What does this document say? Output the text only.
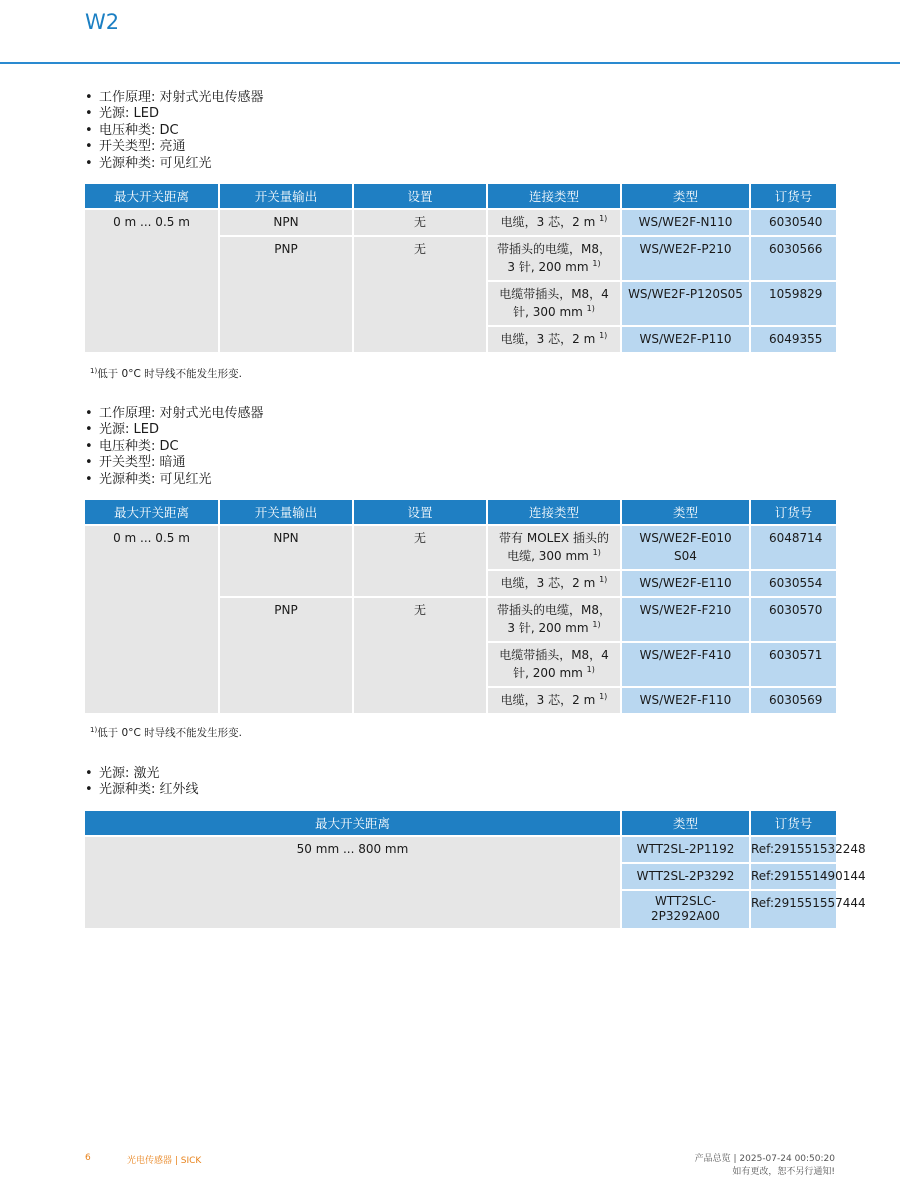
W2
• 工作原理: 对射式光电传感器
• 光源: LED
• 电压种类: DC
• 开关类型: 亮通
• 光源种类: 可见红光
最大开关距离	开关量输出	设置	连接类型	类型	订货号
0 m ... 0.5 m	NPN	无	电缆，3 芯，2 m $^{1)}$	WS/WE2F-N110	6030540
	PNP	无	带插头的电缆，M8，3 针, 200 mm $^{1)}$	WS/WE2F-P210	6030566
			电缆带插头，M8，4 针, 300 mm $^{1)}$	WS/WE2F-P120S05	1059829
			电缆，3 芯，2 m $^{1)}$	WS/WE2F-P110	6049355
$^{1)}$低于 0°C 时导线不能发生形变.
• 工作原理: 对射式光电传感器
• 光源: LED
• 电压种类: DC
• 开关类型: 暗通
• 光源种类: 可见红光
最大开关距离	开关量输出	设置	连接类型	类型	订货号
0 m ... 0.5 m	NPN	无	带有 MOLEX 插头的电缆, 300 mm $^{1)}$	WS/WE2F-E010 S04	6048714
			电缆，3 芯，2 m $^{1)}$	WS/WE2F-E110	6030554
	PNP	无	带插头的电缆，M8，3 针, 200 mm $^{1)}$	WS/WE2F-F210	6030570
			电缆带插头，M8，4 针, 200 mm $^{1)}$	WS/WE2F-F410	6030571
			电缆，3 芯，2 m $^{1)}$	WS/WE2F-F110	6030569
$^{1)}$低于 0°C 时导线不能发生形变.
• 光源: 激光
• 光源种类: 红外线
最大开关距离	类型	订货号
50 mm ... 800 mm	WTT2SL-2P1192	Ref:291551532248
	WTT2SL-2P3292	Ref:291551490144
	WTT2SLC-2P3292A00	Ref:291551557444
6	光电传感器 | SICK	产品总览 | 2025-07-24 00:50:20
如有更改，恕不另行通知!
